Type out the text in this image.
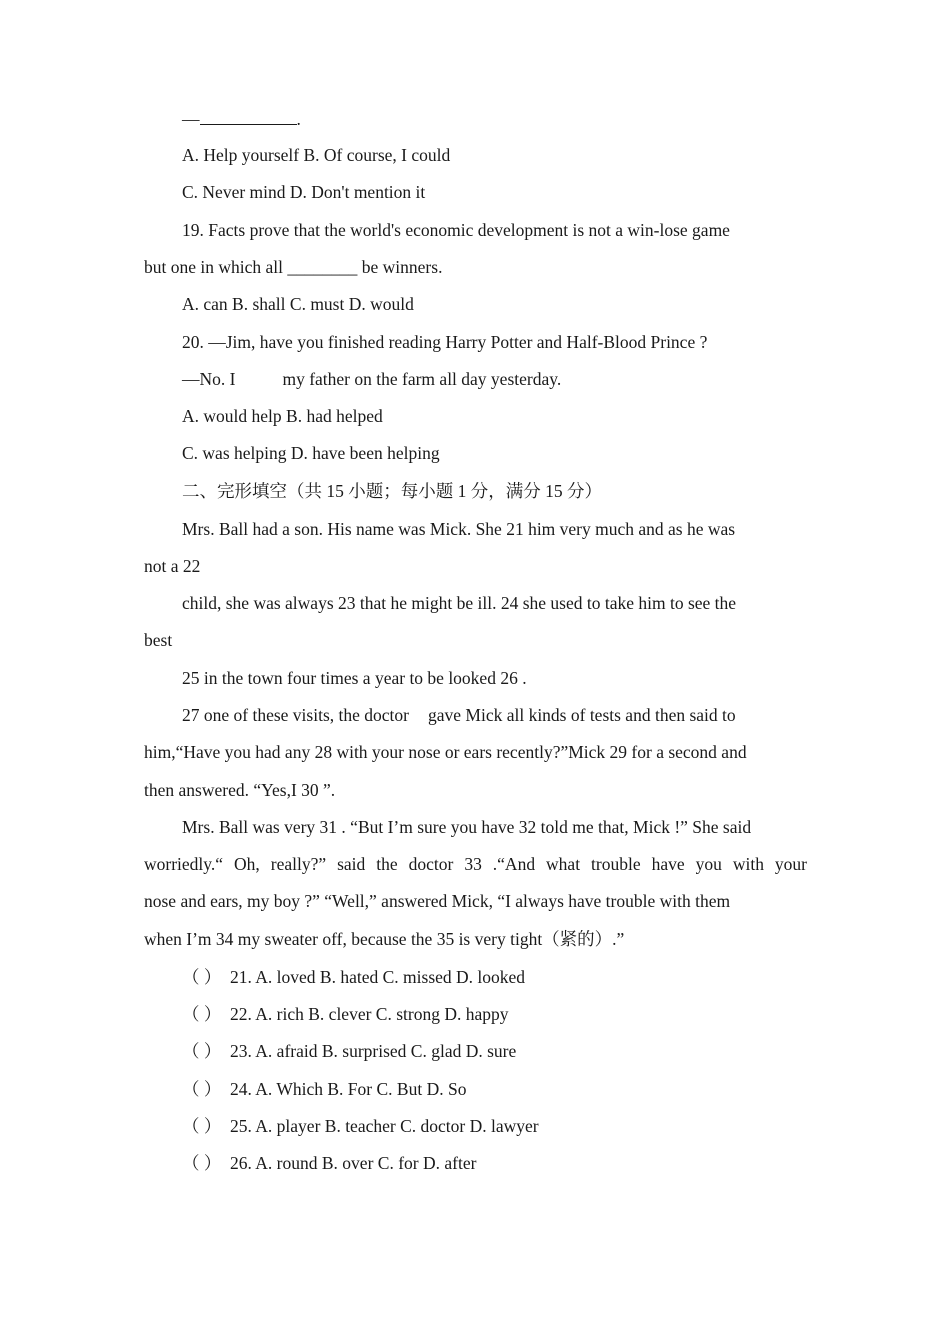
—	.
A. Help yourself B. Of course, I could
C. Never mind D. Don't mention it
19. Facts prove that the world's economic development is not a win-lose game
but one in which all ________ be winners.
A. can B. shall C. must D. would
20. —Jim, have you finished reading Harry Potter and Half-Blood Prince ?
—No. I	my father on the farm all day yesterday.
A. would help B. had helped
C. was helping D. have been helping
二、完形填空（共 15 小题；每小题 1 分，满分 15 分）
Mrs. Ball had a son. His name was Mick. She 21 him very much and as he was
not a 22
child, she was always 23 that he might be ill. 24 she used to take him to see the
best
25 in the town four times a year to be looked 26 .
27 one of these visits, the doctor gave Mick all kinds of tests and then said to
him,“Have you had any 28 with your nose or ears recently?”Mick 29 for a second and
then answered. “Yes,I 30 ”.
Mrs. Ball was very 31 . “But I’m sure you have 32 told me that, Mick !” She said
worriedly.“ Oh, really?” said the doctor 33 .“And what trouble have you with your
nose and ears, my boy ?” “Well,” answered Mick, “I always have trouble with them
when I’m 34 my sweater off, because the 35 is very tight（紧的）.”
（ ） 21. A. loved B. hated C. missed D. looked
（ ） 22. A. rich B. clever C. strong D. happy
（ ） 23. A. afraid B. surprised C. glad D. sure
（ ） 24. A. Which B. For C. But D. So
（ ） 25. A. player B. teacher C. doctor D. lawyer
（ ） 26. A. round B. over C. for D. after
